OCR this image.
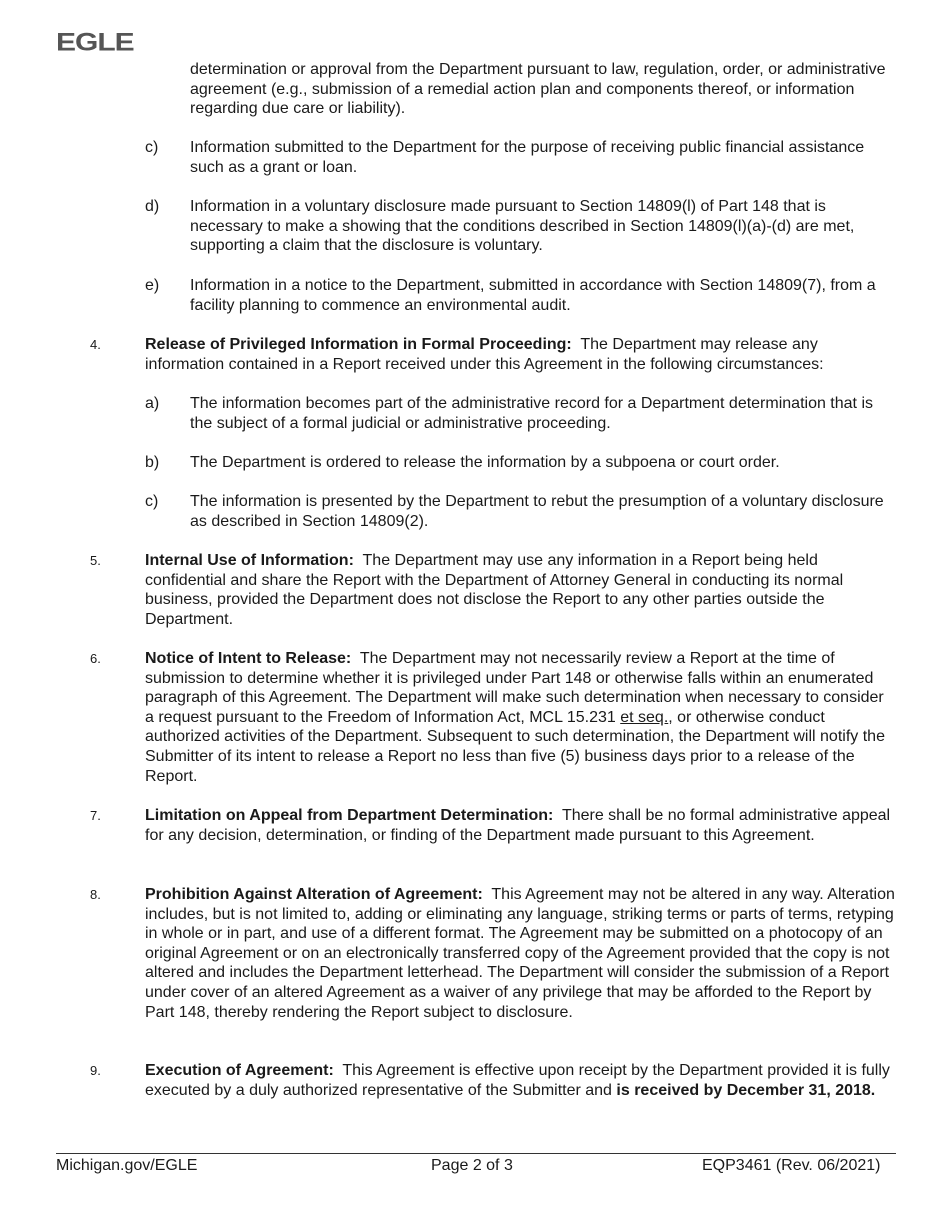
EGLE
determination or approval from the Department pursuant to law, regulation, order, or administrative agreement (e.g., submission of a remedial action plan and components thereof, or information regarding due care or liability).
c) Information submitted to the Department for the purpose of receiving public financial assistance such as a grant or loan.
d) Information in a voluntary disclosure made pursuant to Section 14809(l) of Part 148 that is necessary to make a showing that the conditions described in Section 14809(l)(a)-(d) are met, supporting a claim that the disclosure is voluntary.
e) Information in a notice to the Department, submitted in accordance with Section 14809(7), from a facility planning to commence an environmental audit.
4.	Release of Privileged Information in Formal Proceeding: The Department may release any information contained in a Report received under this Agreement in the following circumstances:
a) The information becomes part of the administrative record for a Department determination that is the subject of a formal judicial or administrative proceeding.
b) The Department is ordered to release the information by a subpoena or court order.
c) The information is presented by the Department to rebut the presumption of a voluntary disclosure as described in Section 14809(2).
5.	Internal Use of Information: The Department may use any information in a Report being held confidential and share the Report with the Department of Attorney General in conducting its normal business, provided the Department does not disclose the Report to any other parties outside the Department.
6.	Notice of Intent to Release: The Department may not necessarily review a Report at the time of submission to determine whether it is privileged under Part 148 or otherwise falls within an enumerated paragraph of this Agreement. The Department will make such determination when necessary to consider a request pursuant to the Freedom of Information Act, MCL 15.231 et seq., or otherwise conduct authorized activities of the Department. Subsequent to such determination, the Department will notify the Submitter of its intent to release a Report no less than five (5) business days prior to a release of the Report.
7.	Limitation on Appeal from Department Determination: There shall be no formal administrative appeal for any decision, determination, or finding of the Department made pursuant to this Agreement.
8.	Prohibition Against Alteration of Agreement: This Agreement may not be altered in any way. Alteration includes, but is not limited to, adding or eliminating any language, striking terms or parts of terms, retyping in whole or in part, and use of a different format. The Agreement may be submitted on a photocopy of an original Agreement or on an electronically transferred copy of the Agreement provided that the copy is not altered and includes the Department letterhead. The Department will consider the submission of a Report under cover of an altered Agreement as a waiver of any privilege that may be afforded to the Report by Part 148, thereby rendering the Report subject to disclosure.
9.	Execution of Agreement: This Agreement is effective upon receipt by the Department provided it is fully executed by a duly authorized representative of the Submitter and is received by December 31, 2018.
Michigan.gov/EGLE	Page 2 of 3	EQP3461 (Rev. 06/2021)
